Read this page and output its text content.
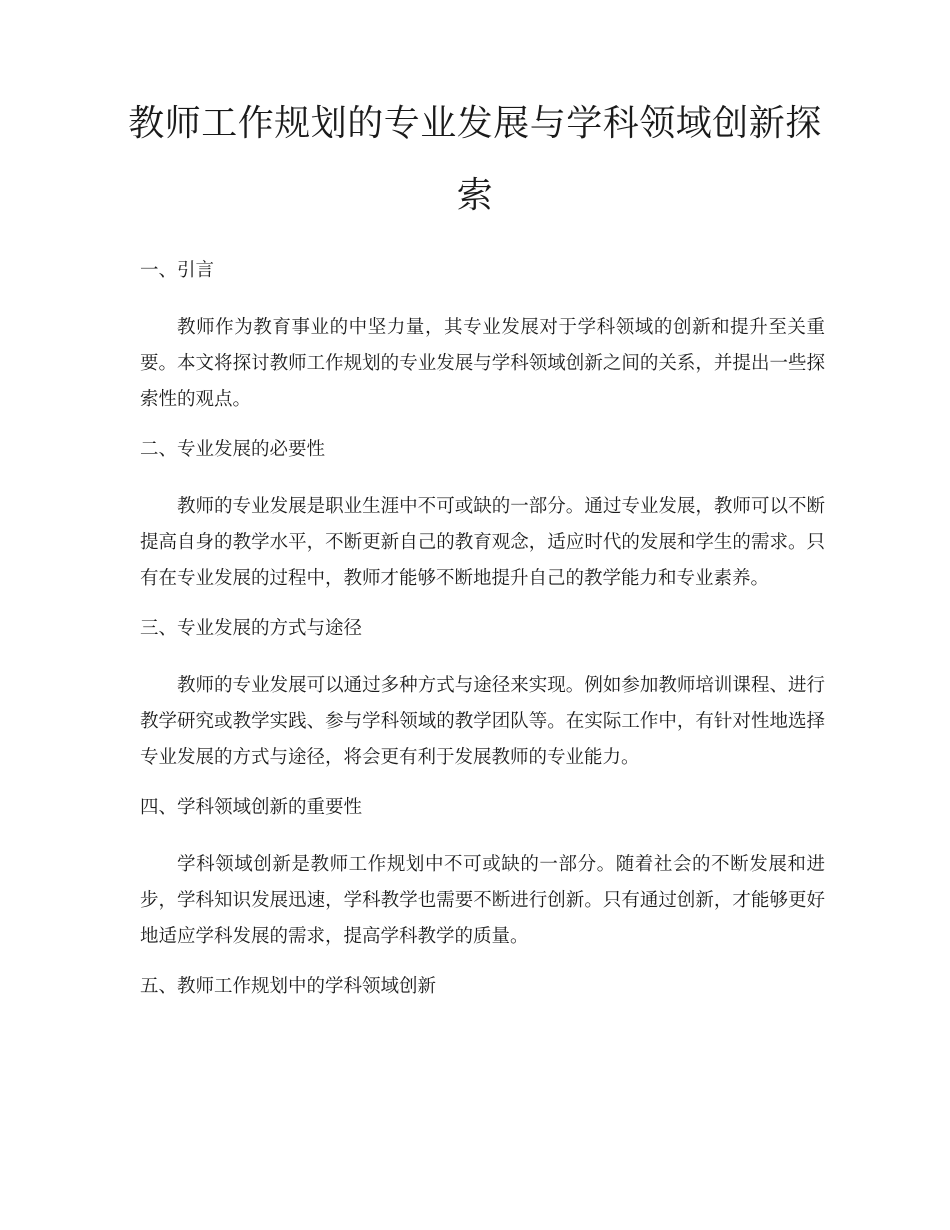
教师工作规划的专业发展与学科领域创新探索
一、引言

教师作为教育事业的中坚力量，其专业发展对于学科领域的创新和提升至关重要。本文将探讨教师工作规划的专业发展与学科领域创新之间的关系，并提出一些探索性的观点。

二、专业发展的必要性

教师的专业发展是职业生涯中不可或缺的一部分。通过专业发展，教师可以不断提高自身的教学水平，不断更新自己的教育观念，适应时代的发展和学生的需求。只有在专业发展的过程中，教师才能够不断地提升自己的教学能力和专业素养。

三、专业发展的方式与途径

教师的专业发展可以通过多种方式与途径来实现。例如参加教师培训课程、进行教学研究或教学实践、参与学科领域的教学团队等。在实际工作中，有针对性地选择专业发展的方式与途径，将会更有利于发展教师的专业能力。

四、学科领域创新的重要性

学科领域创新是教师工作规划中不可或缺的一部分。随着社会的不断发展和进步，学科知识发展迅速，学科教学也需要不断进行创新。只有通过创新，才能够更好地适应学科发展的需求，提高学科教学的质量。

五、教师工作规划中的学科领域创新
